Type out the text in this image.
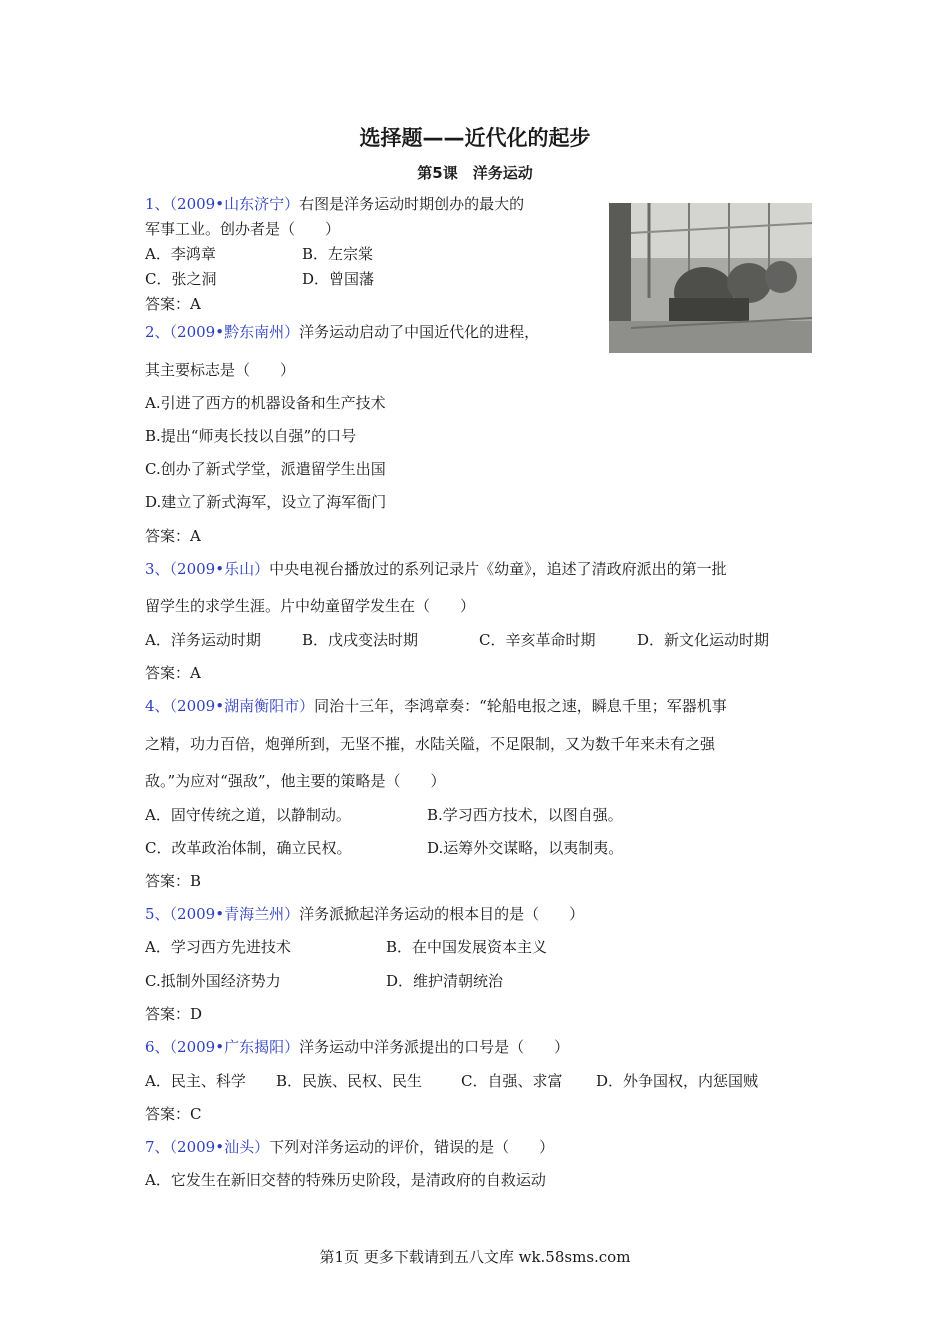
选择题——近代化的起步
第5课　洋务运动
1、（2009•山东济宁）右图是洋务运动时期创办的最大的
军事工业。创办者是（　　）
A．李鸿章	B．左宗棠
C．张之洞	D．曾国藩
答案：A
2、（2009•黔东南州）洋务运动启动了中国近代化的进程，
其主要标志是（　　）
A.引进了西方的机器设备和生产技术
B.提出“师夷长技以自强”的口号
C.创办了新式学堂，派遣留学生出国
D.建立了新式海军，设立了海军衙门
答案：A
3、（2009•乐山）中央电视台播放过的系列记录片《幼童》，追述了清政府派出的第一批
留学生的求学生涯。片中幼童留学发生在（　　）
A．洋务运动时期	B．戊戌变法时期	C．辛亥革命时期	D．新文化运动时期
答案：A
4、（2009•湖南衡阳市）同治十三年，李鸿章奏：“轮船电报之速，瞬息千里；军器机事
之精，功力百倍，炮弹所到，无坚不摧，水陆关隘，不足限制，又为数千年来未有之强
敌。”为应对“强敌”，他主要的策略是（　　）
A．固守传统之道，以静制动。	B.学习西方技术，以图自强。
C．改革政治体制，确立民权。	D.运筹外交谋略，以夷制夷。
答案：B
5、（2009•青海兰州）洋务派掀起洋务运动的根本目的是（　　）
A．学习西方先进技术	B．在中国发展资本主义
C.抵制外国经济势力	D．维护清朝统治
答案：D
6、（2009•广东揭阳）洋务运动中洋务派提出的口号是（　　）
A．民主、科学 B．民族、民权、民生	C．自强、求富 D．外争国权，内惩国贼
答案：C
7、（2009•汕头）下列对洋务运动的评价，错误的是（　　）
A．它发生在新旧交替的特殊历史阶段，是清政府的自救运动
第1页 更多下载请到五八文库 wk.58sms.com
